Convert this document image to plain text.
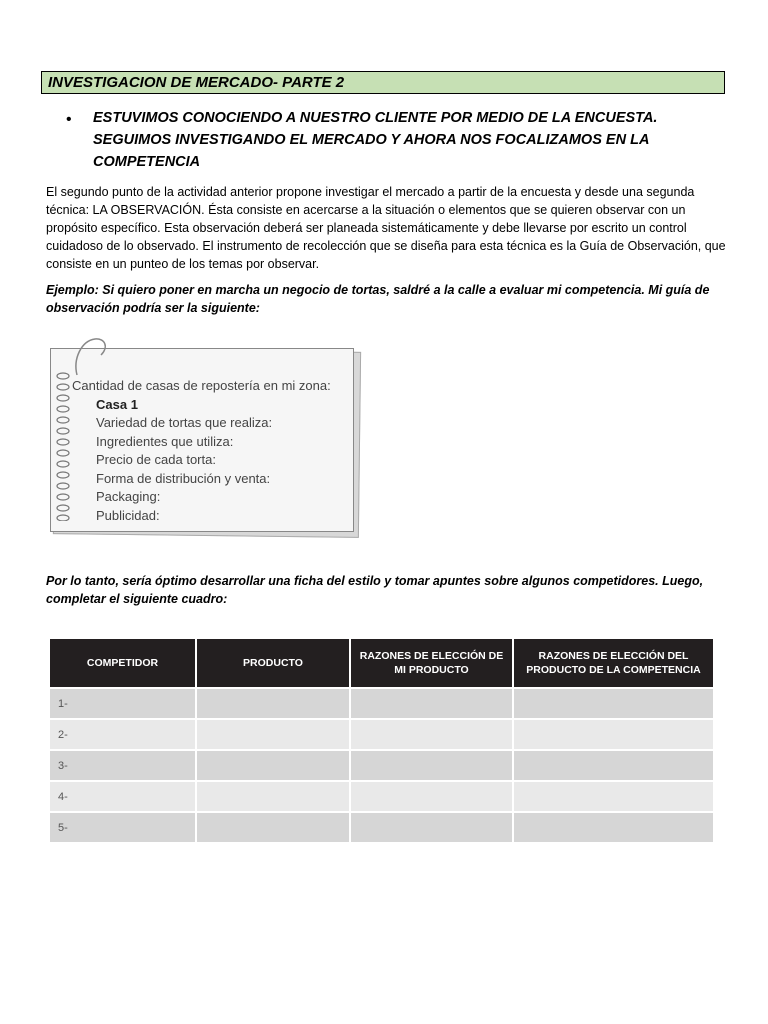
INVESTIGACION DE MERCADO- PARTE 2
• ESTUVIMOS CONOCIENDO A NUESTRO CLIENTE POR MEDIO DE LA ENCUESTA. SEGUIMOS INVESTIGANDO EL MERCADO Y AHORA NOS FOCALIZAMOS EN LA COMPETENCIA
El segundo punto de la actividad anterior propone investigar el mercado a partir de la encuesta y desde una segunda técnica: LA OBSERVACIÓN. Ésta consiste en acercarse a la situación o elementos que se quieren observar con un propósito específico. Esta observación deberá ser planeada sistemáticamente y debe llevarse por escrito un control cuidadoso de lo observado. El instrumento de recolección que se diseña para esta técnica es la Guía de Observación, que consiste en un punteo de los temas por observar.
Ejemplo: Si quiero poner en marcha un negocio de tortas, saldré a la calle a evaluar mi competencia. Mi guía de observación podría ser la siguiente:
Cantidad de casas de repostería en mi zona:
Casa 1
Variedad de tortas que realiza:
Ingredientes que utiliza:
Precio de cada torta:
Forma de distribución y venta:
Packaging:
Publicidad:
Por lo tanto, sería óptimo desarrollar una ficha del estilo y tomar apuntes sobre algunos competidores. Luego, completar el siguiente cuadro:
COMPETIDOR	PRODUCTO	RAZONES DE ELECCIÓN DE MI PRODUCTO	RAZONES DE ELECCIÓN DEL PRODUCTO DE LA COMPETENCIA
1-			
2-			
3-			
4-			
5-			
